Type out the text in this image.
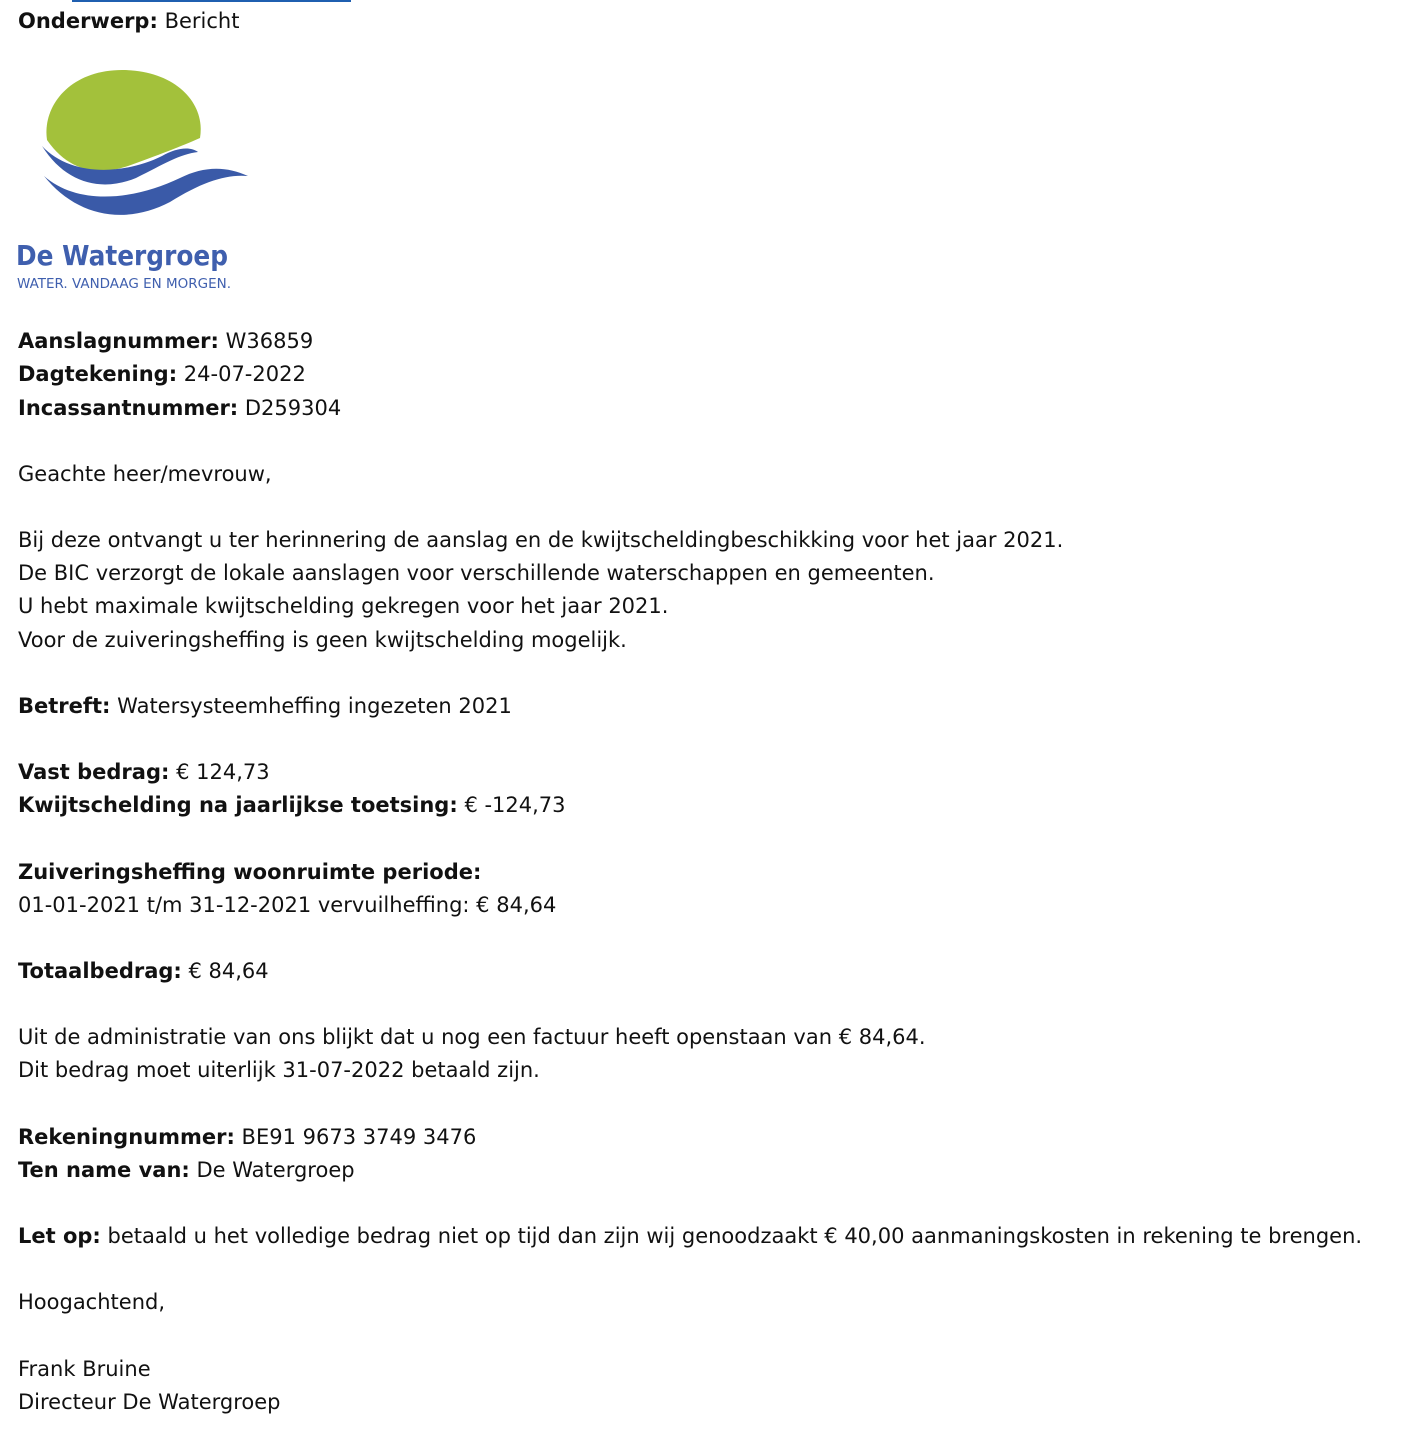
Onderwerp: Bericht
De Watergroep
WATER. VANDAAG EN MORGEN.
Aanslagnummer: W36859
Dagtekening: 24-07-2022
Incassantnummer: D259304
Geachte heer/mevrouw,
Bij deze ontvangt u ter herinnering de aanslag en de kwijtscheldingbeschikking voor het jaar 2021.
De BIC verzorgt de lokale aanslagen voor verschillende waterschappen en gemeenten.
U hebt maximale kwijtschelding gekregen voor het jaar 2021.
Voor de zuiveringsheffing is geen kwijtschelding mogelijk.
Betreft: Watersysteemheffing ingezeten 2021
Vast bedrag: € 124,73
Kwijtschelding na jaarlijkse toetsing: € -124,73
Zuiveringsheffing woonruimte periode:
01-01-2021 t/m 31-12-2021 vervuilheffing: € 84,64
Totaalbedrag: € 84,64
Uit de administratie van ons blijkt dat u nog een factuur heeft openstaan van € 84,64.
Dit bedrag moet uiterlijk 31-07-2022 betaald zijn.
Rekeningnummer: BE91 9673 3749 3476
Ten name van: De Watergroep
Let op: betaald u het volledige bedrag niet op tijd dan zijn wij genoodzaakt € 40,00 aanmaningskosten in rekening te brengen.
Hoogachtend,
Frank Bruine
Directeur De Watergroep
